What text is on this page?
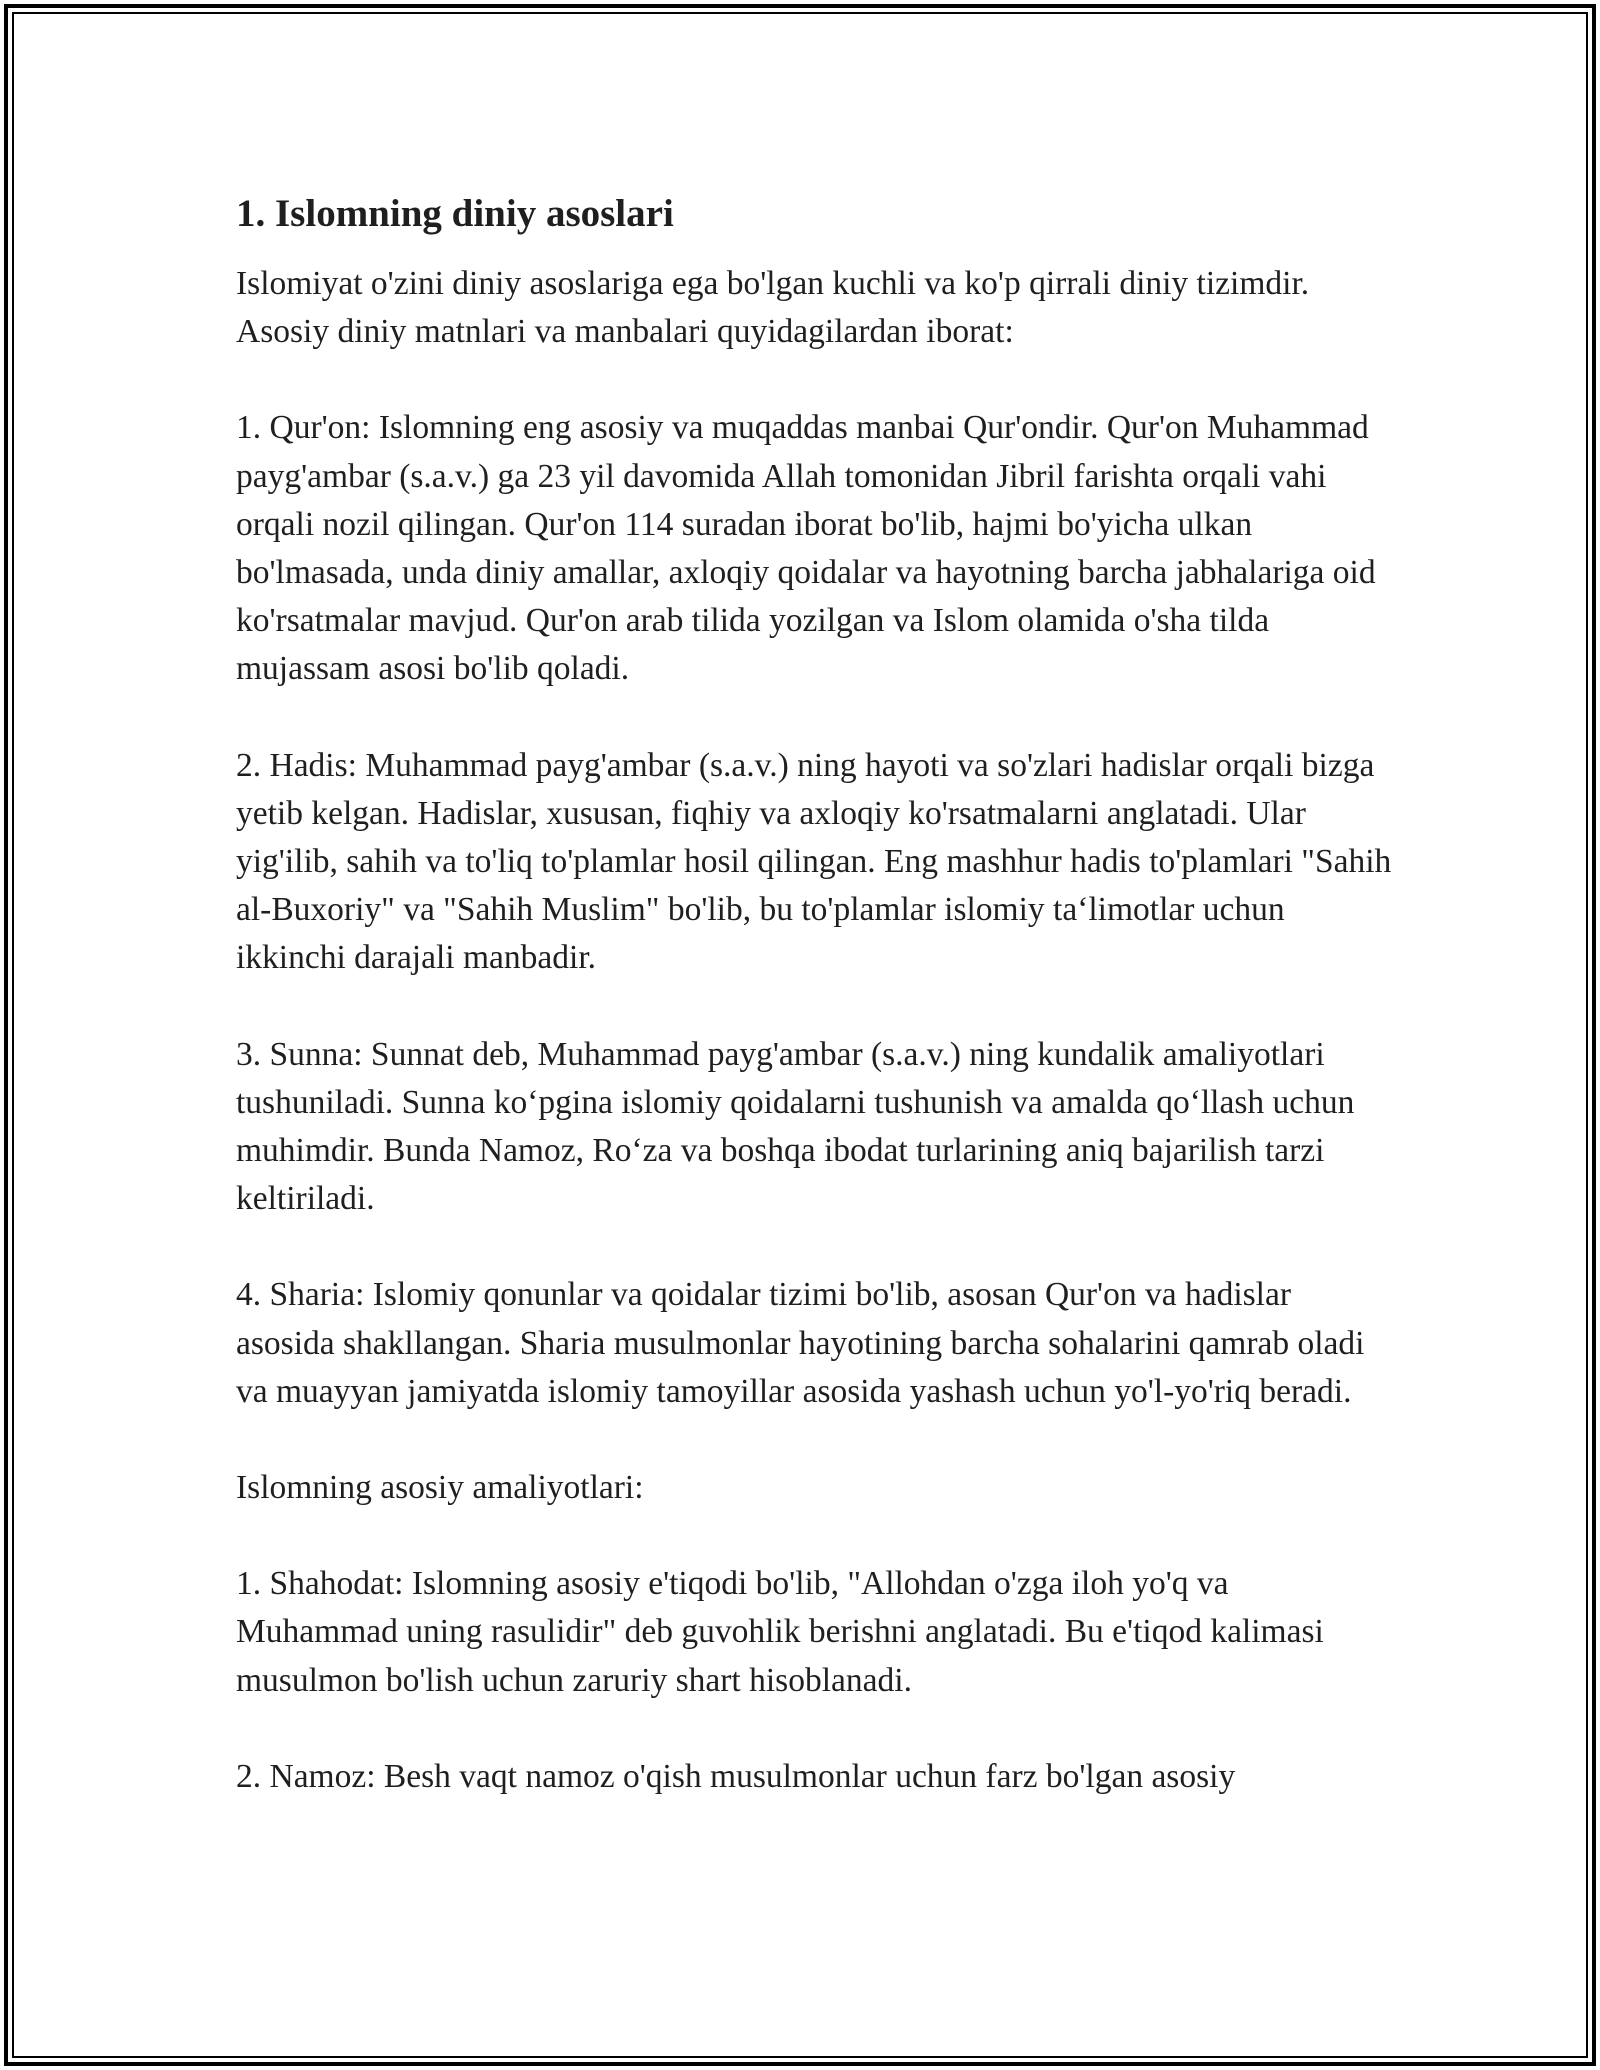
1. Islomning diniy asoslari

Islomiyat o'zini diniy asoslariga ega bo'lgan kuchli va ko'p qirrali diniy tizimdir. Asosiy diniy matnlari va manbalari quyidagilardan iborat:

1. Qur'on: Islomning eng asosiy va muqaddas manbai Qur'ondir. Qur'on Muhammad payg'ambar (s.a.v.) ga 23 yil davomida Allah tomonidan Jibril farishta orqali vahi orqali nozil qilingan. Qur'on 114 suradan iborat bo'lib, hajmi bo'yicha ulkan bo'lmasada, unda diniy amallar, axloqiy qoidalar va hayotning barcha jabhalariga oid ko'rsatmalar mavjud. Qur'on arab tilida yozilgan va Islom olamida o'sha tilda mujassam asosi bo'lib qoladi.

2. Hadis: Muhammad payg'ambar (s.a.v.) ning hayoti va so'zlari hadislar orqali bizga yetib kelgan. Hadislar, xususan, fiqhiy va axloqiy ko'rsatmalarni anglatadi. Ular yig'ilib, sahih va to'liq to'plamlar hosil qilingan. Eng mashhur hadis to'plamlari "Sahih al-Buxoriy" va "Sahih Muslim" bo'lib, bu to'plamlar islomiy ta‘limotlar uchun ikkinchi darajali manbadir.

3. Sunna: Sunnat deb, Muhammad payg'ambar (s.a.v.) ning kundalik amaliyotlari tushuniladi. Sunna ko‘pgina islomiy qoidalarni tushunish va amalda qo‘llash uchun muhimdir. Bunda Namoz, Ro‘za va boshqa ibodat turlarining aniq bajarilish tarzi keltiriladi.

4. Sharia: Islomiy qonunlar va qoidalar tizimi bo'lib, asosan Qur'on va hadislar asosida shakllangan. Sharia musulmonlar hayotining barcha sohalarini qamrab oladi va muayyan jamiyatda islomiy tamoyillar asosida yashash uchun yo'l-yo'riq beradi.

Islomning asosiy amaliyotlari:

1. Shahodat: Islomning asosiy e'tiqodi bo'lib, "Allohdan o'zga iloh yo'q va Muhammad uning rasulidir" deb guvohlik berishni anglatadi. Bu e'tiqod kalimasi musulmon bo'lish uchun zaruriy shart hisoblanadi.

2. Namoz: Besh vaqt namoz o'qish musulmonlar uchun farz bo'lgan asosiy
